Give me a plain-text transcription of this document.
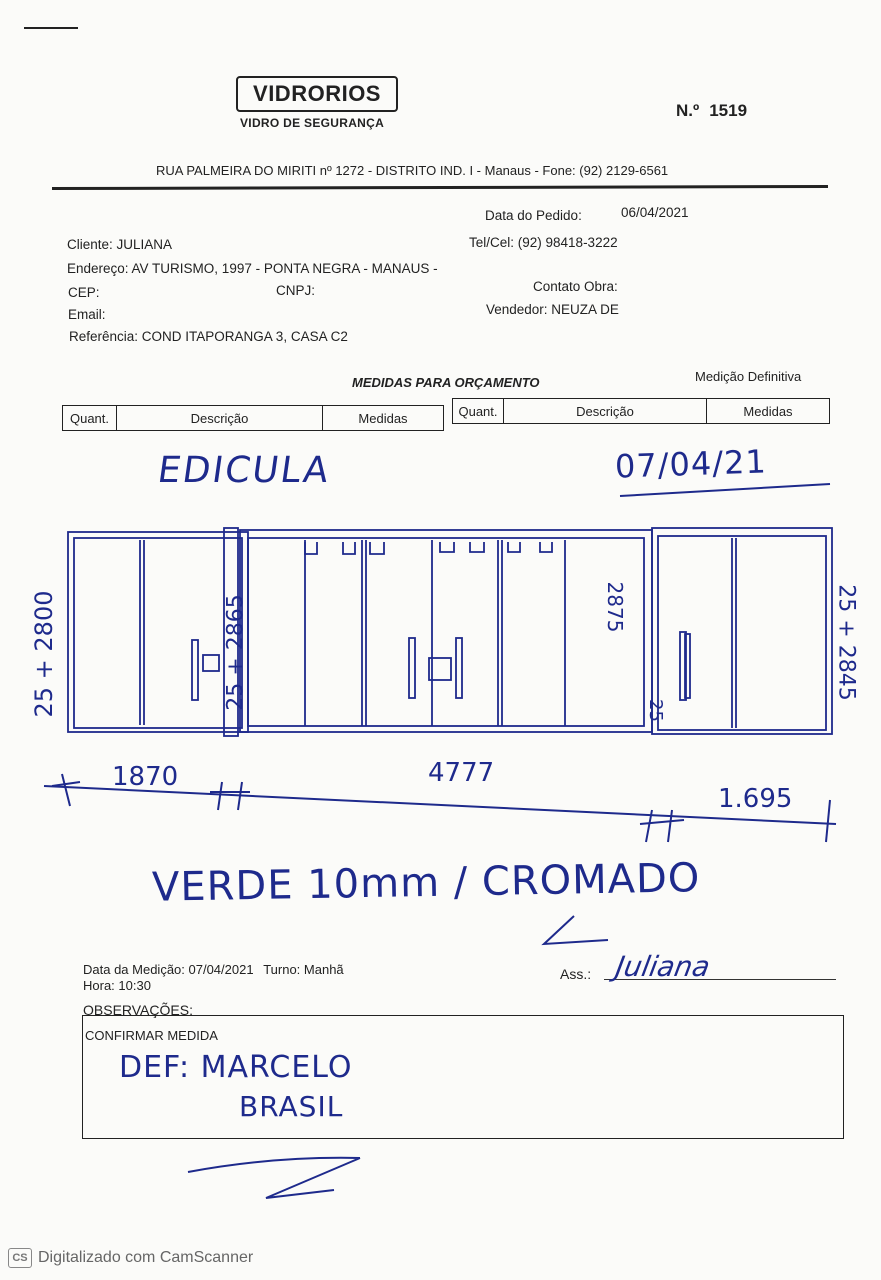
VIDRORIOS
VIDRO DE SEGURANÇA
N.º 1519
RUA PALMEIRA DO MIRITI nº 1272 - DISTRITO IND. I - Manaus - Fone: (92) 2129-6561
Data do Pedido:	06/04/2021
Cliente: JULIANA	Tel/Cel: (92) 98418-3222
Endereço: AV TURISMO, 1997 - PONTA NEGRA - MANAUS -
CEP:	CNPJ:	Contato Obra:
Email:	Vendedor: NEUZA DE
Referência: COND ITAPORANGA 3, CASA C2
MEDIDAS PARA ORÇAMENTO	Medição Definitiva
Quant.	Descrição	Medidas	Quant.	Descrição	Medidas
EDICULA	07/04/21
25 + 2800	25 + 2865	2875
25
25 + 2845
1870	4777
1.695
VERDE 10mm / CROMADO
Data da Medição: 07/04/2021 Turno: Manhã
Hora: 10:30
Ass.: Juliana
OBSERVAÇÕES:
CONFIRMAR MEDIDA
DEF: MARCELO
BRASIL
CS Digitalizado com CamScanner
